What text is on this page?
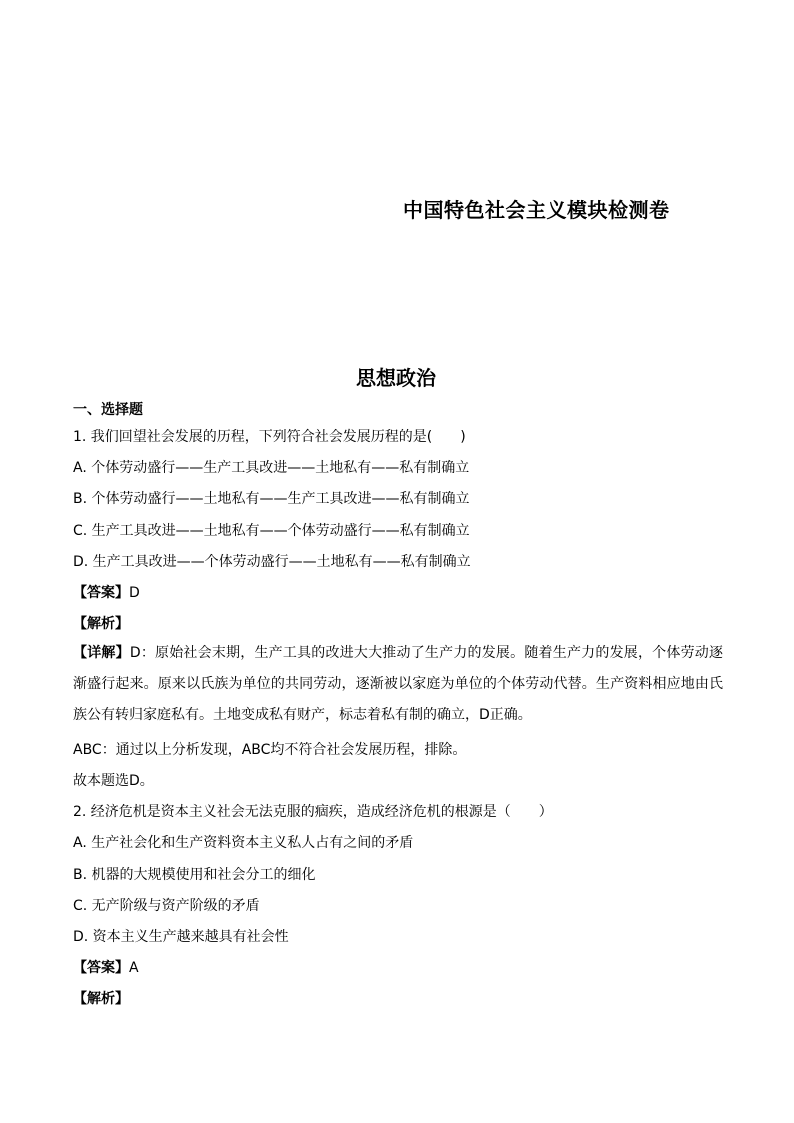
中国特色社会主义模块检测卷
思想政治
一、选择题
1. 我们回望社会发展的历程，下列符合社会发展历程的是(　　)
A. 个体劳动盛行——生产工具改进——土地私有——私有制确立
B. 个体劳动盛行——土地私有——生产工具改进——私有制确立
C. 生产工具改进——土地私有——个体劳动盛行——私有制确立
D. 生产工具改进——个体劳动盛行——土地私有——私有制确立
【答案】D
【解析】
【详解】D：原始社会末期，生产工具的改进大大推动了生产力的发展。随着生产力的发展，个体劳动逐渐盛行起来。原来以氏族为单位的共同劳动，逐渐被以家庭为单位的个体劳动代替。生产资料相应地由氏族公有转归家庭私有。土地变成私有财产，标志着私有制的确立，D正确。
ABC：通过以上分析发现，ABC均不符合社会发展历程，排除。
故本题选D。
2. 经济危机是资本主义社会无法克服的痼疾，造成经济危机的根源是（　　）
A. 生产社会化和生产资料资本主义私人占有之间的矛盾
B. 机器的大规模使用和社会分工的细化
C. 无产阶级与资产阶级的矛盾
D. 资本主义生产越来越具有社会性
【答案】A
【解析】
